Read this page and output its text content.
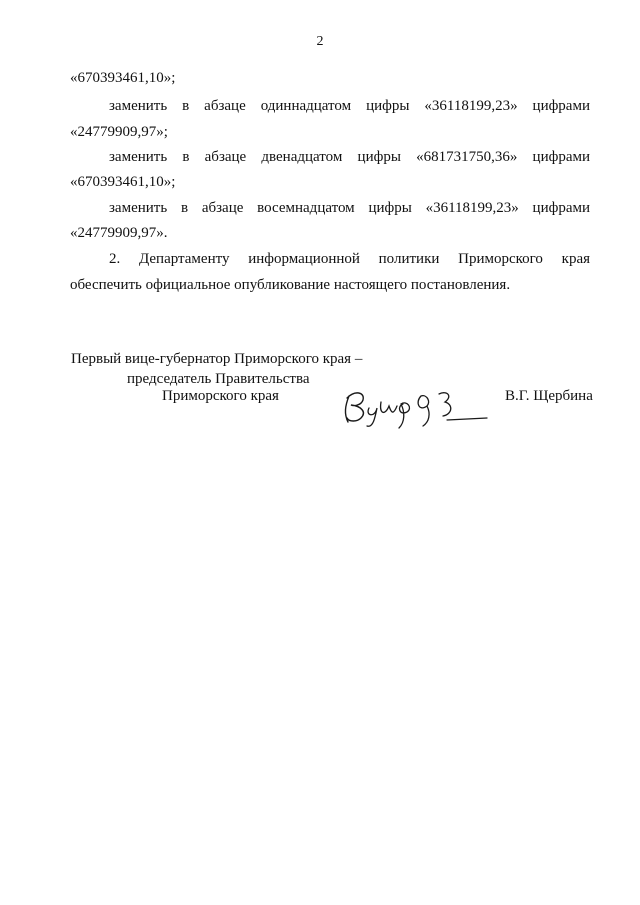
2
«670393461,10»;
заменить в абзаце одиннадцатом цифры «36118199,23» цифрами
«24779909,97»;
заменить в абзаце двенадцатом цифры «681731750,36» цифрами
«670393461,10»;
заменить в абзаце восемнадцатом цифры «36118199,23» цифрами
«24779909,97».
2. Департаменту информационной политики Приморского края
обеспечить официальное опубликование настоящего постановления.
Первый вице-губернатор Приморского края –
председатель Правительства
Приморского края	В.Г. Щербина
